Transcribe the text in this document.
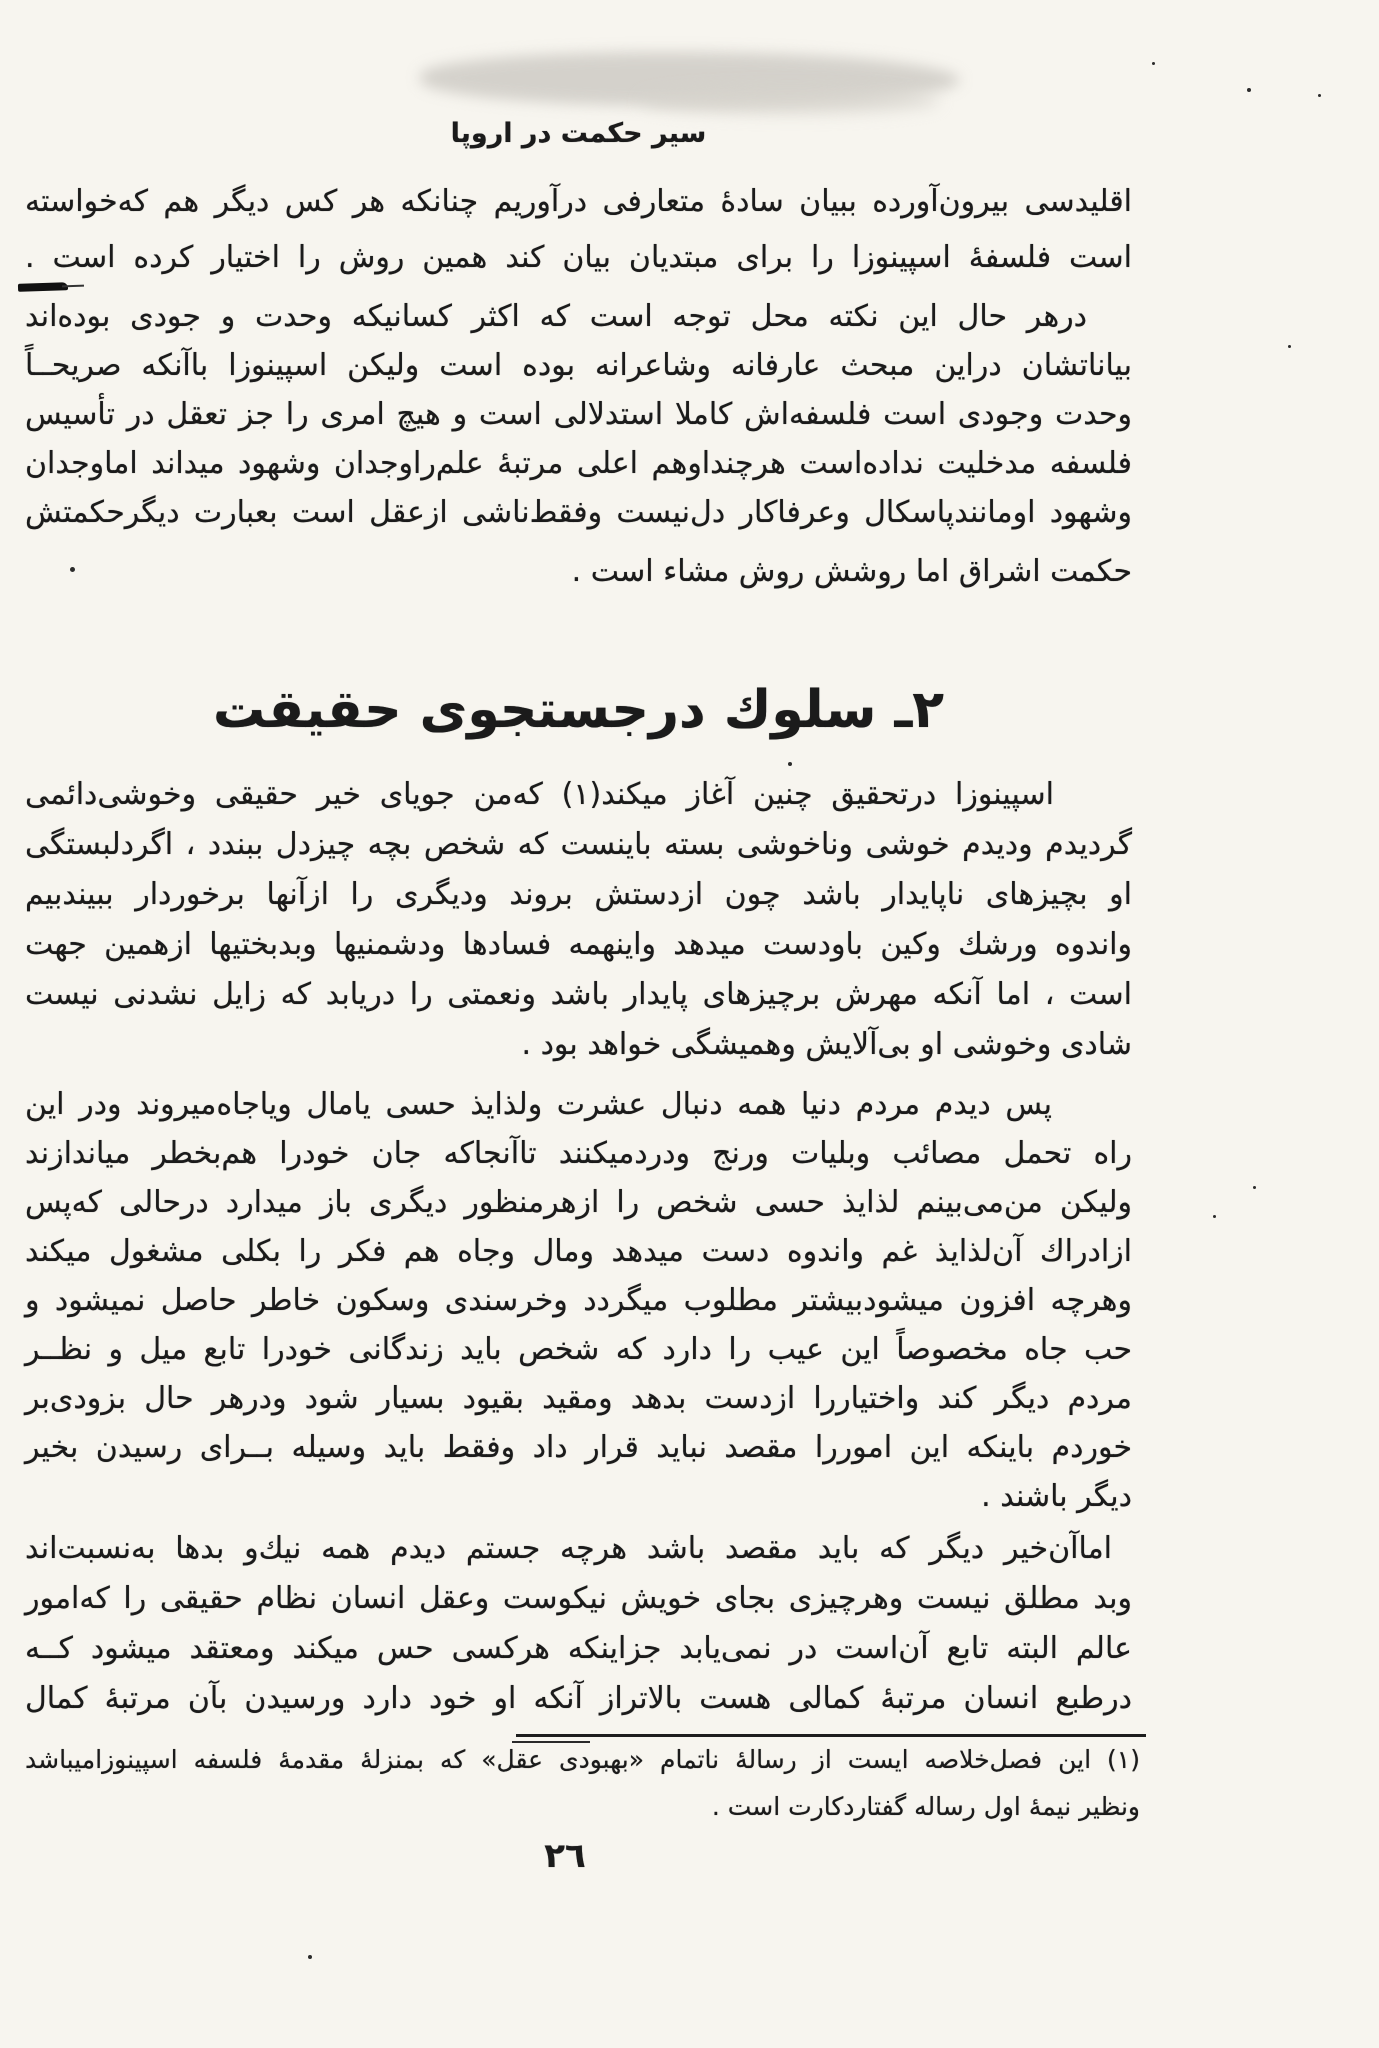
سیر حکمت در اروپا
اقلیدسی بیرون‌آورده ببیان سادهٔ متعارفی درآوریم چنانکه هر کس دیگر هم که‌خواسته
است فلسفهٔ اسپینوزا را برای مبتدیان بیان کند همین روش را اختیار کرده است .
درهر حال این نکته محل توجه است که اکثر کسانیکه وحدت و جودی بوده‌اند
بیاناتشان دراین مبحث عارفانه وشاعرانه بوده است ولیکن اسپینوزا باآنکه صریحــاً
وحدت وجودی است فلسفه‌اش کاملا استدلالی است و هیچ امری را جز تعقل در تأسیس
فلسفه مدخلیت نداده‌است هرچنداوهم اعلی مرتبهٔ علم‌راوجدان وشهود میداند اماوجدان
وشهود اومانندپاسکال وعرفاکار دل‌نیست وفقط‌ناشی ازعقل است بعبارت دیگرحکمتش
حکمت اشراق اما روشش روش مشاء است .
۲ـ سلوك درجستجوی حقیقت
اسپینوزا درتحقیق چنین آغاز میکند(۱) که‌من جویای خیر حقیقی وخوشی‌دائمی
گردیدم ودیدم خوشی وناخوشی بسته باینست که شخص بچه چیزدل ببندد ، اگردلبستگی
او بچیزهای ناپایدار باشد چون ازدستش بروند ودیگری را ازآنها برخوردار ببیندبیم
واندوه ورشك وکین باودست میدهد واینهمه فسادها ودشمنیها وبدبختیها ازهمین جهت
است ، اما آنکه مهرش برچیزهای پایدار باشد ونعمتی را دریابد که زایل نشدنی نیست
شادی وخوشی او بی‌آلایش وهمیشگی خواهد بود .
پس دیدم مردم دنیا همه دنبال عشرت ولذایذ حسی یامال ویاجاه‌میروند ودر این
راه تحمل مصائب وبلیات ورنج ودردمیکنند تاآنجاکه جان خودرا هم‌بخطر میاندازند
ولیکن من‌می‌بینم لذایذ حسی شخص را ازهرمنظور دیگری باز میدارد درحالی که‌پس
ازادراك آن‌لذایذ غم واندوه دست میدهد ومال وجاه هم فکر را بکلی مشغول میکند
وهرچه افزون میشودبیشتر مطلوب میگردد وخرسندی وسکون خاطر حاصل نمیشود و
حب جاه مخصوصاً این عیب را دارد که شخص باید زندگانی خودرا تابع میل و نظــر
مردم دیگر کند واختیاررا ازدست بدهد ومقید بقیود بسیار شود ودرهر حال بزودی‌بر
خوردم باینکه این اموررا مقصد نباید قرار داد وفقط باید وسیله بــرای رسیدن بخیر
دیگر باشند .
اماآن‌خیر دیگر که باید مقصد باشد هرچه جستم دیدم همه نیك‌و بدها به‌نسبت‌اند
وبد مطلق نیست وهرچیزی بجای خویش نیکوست وعقل انسان نظام حقیقی را که‌امور
عالم البته تابع آن‌است در نمی‌یابد جزاینکه هرکسی حس میکند ومعتقد میشود کــه
درطبع انسان مرتبهٔ کمالی هست بالاتراز آنکه او خود دارد ورسیدن بآن مرتبهٔ کمال
(۱) این فصل‌خلاصه ایست از رسالهٔ ناتمام «بهبودی عقل» که بمنزلهٔ مقدمهٔ فلسفه اسپینوزامیباشد
ونظیر نیمهٔ اول رساله گفتاردکارت است .
۲٦
